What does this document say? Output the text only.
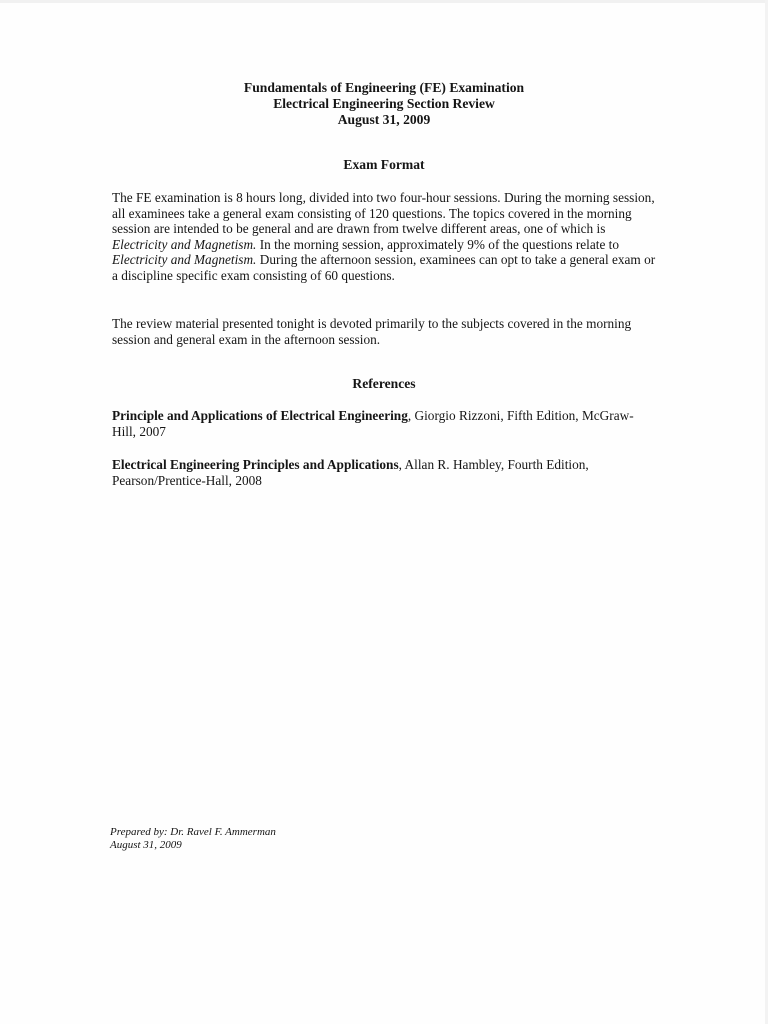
Fundamentals of Engineering (FE) Examination
Electrical Engineering Section Review
August 31, 2009
Exam Format

The FE examination is 8 hours long, divided into two four-hour sessions. During the morning session, all examinees take a general exam consisting of 120 questions. The topics covered in the morning session are intended to be general and are drawn from twelve different areas, one of which is Electricity and Magnetism. In the morning session, approximately 9% of the questions relate to Electricity and Magnetism. During the afternoon session, examinees can opt to take a general exam or a discipline specific exam consisting of 60 questions.

The review material presented tonight is devoted primarily to the subjects covered in the morning session and general exam in the afternoon session.

References

Principle and Applications of Electrical Engineering, Giorgio Rizzoni, Fifth Edition, McGraw-Hill, 2007

Electrical Engineering Principles and Applications, Allan R. Hambley, Fourth Edition, Pearson/Prentice-Hall, 2008

Prepared by: Dr. Ravel F. Ammerman
August 31, 2009
